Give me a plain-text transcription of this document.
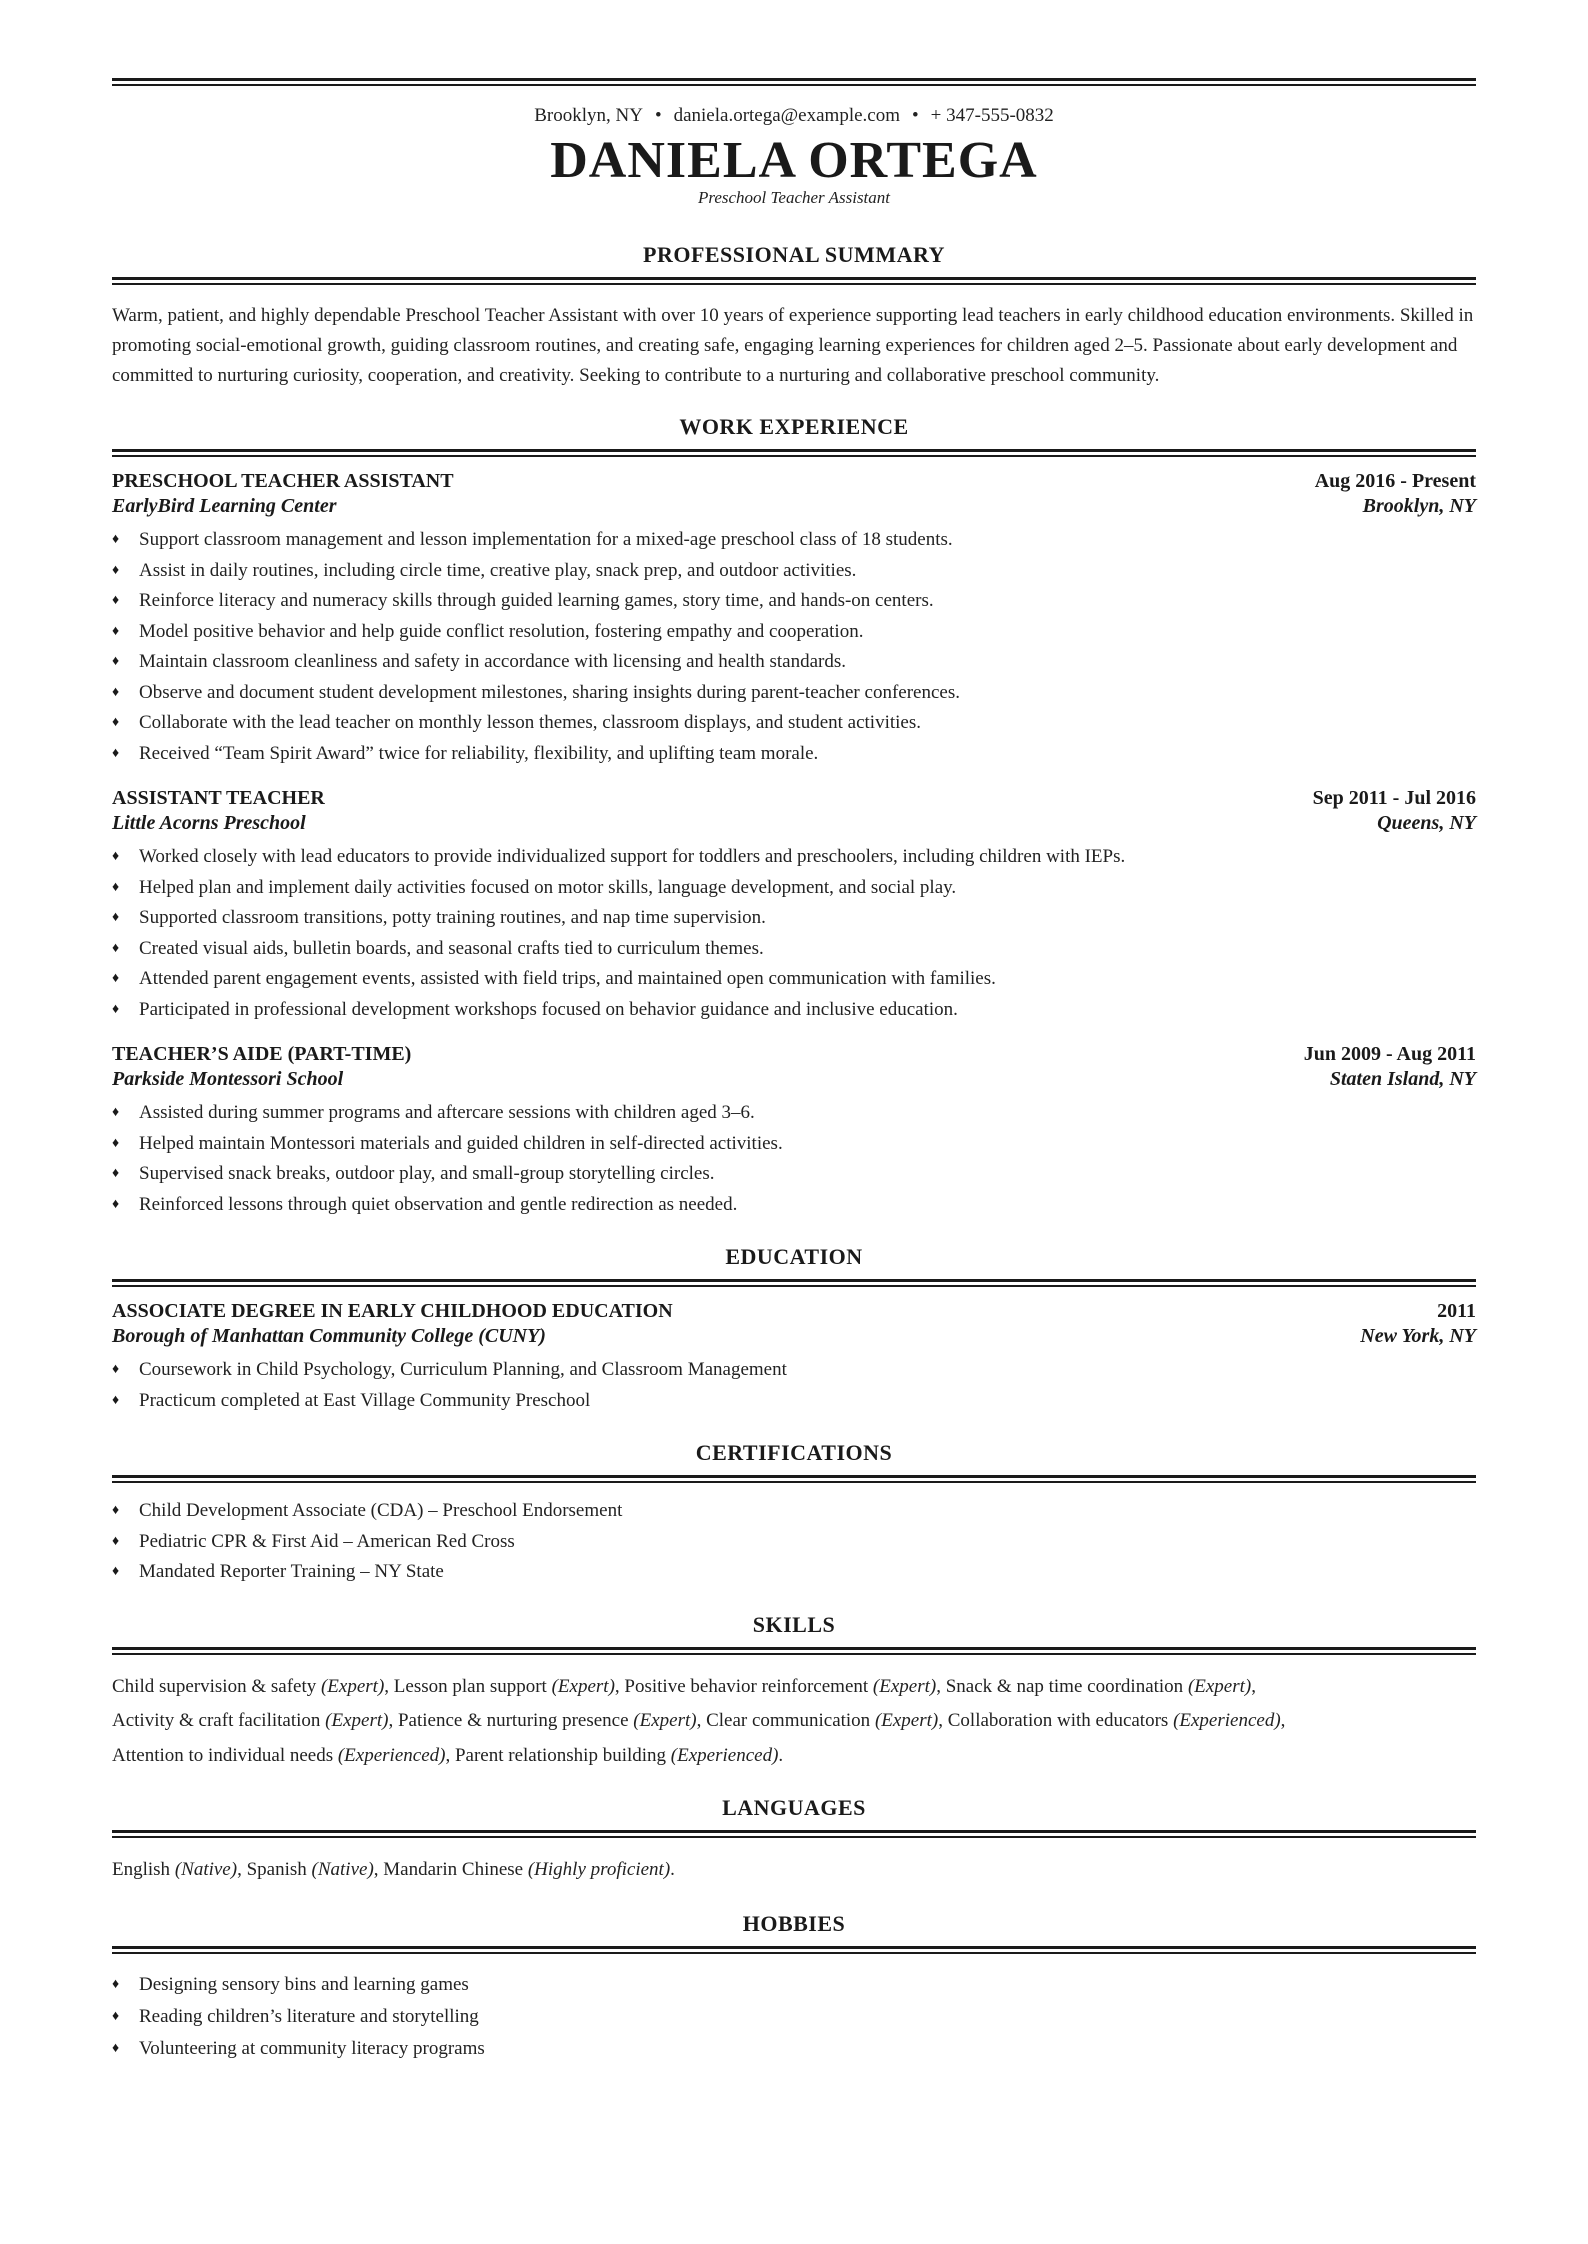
Brooklyn, NY • daniela.ortega@example.com • + 347-555-0832
DANIELA ORTEGA
Preschool Teacher Assistant
PROFESSIONAL SUMMARY
Warm, patient, and highly dependable Preschool Teacher Assistant with over 10 years of experience supporting lead teachers in early childhood education environments. Skilled in promoting social-emotional growth, guiding classroom routines, and creating safe, engaging learning experiences for children aged 2–5. Passionate about early development and committed to nurturing curiosity, cooperation, and creativity. Seeking to contribute to a nurturing and collaborative preschool community.
WORK EXPERIENCE
PRESCHOOL TEACHER ASSISTANT	Aug 2016 - Present
EarlyBird Learning Center	Brooklyn, NY
♦ Support classroom management and lesson implementation for a mixed-age preschool class of 18 students.
♦ Assist in daily routines, including circle time, creative play, snack prep, and outdoor activities.
♦ Reinforce literacy and numeracy skills through guided learning games, story time, and hands-on centers.
♦ Model positive behavior and help guide conflict resolution, fostering empathy and cooperation.
♦ Maintain classroom cleanliness and safety in accordance with licensing and health standards.
♦ Observe and document student development milestones, sharing insights during parent-teacher conferences.
♦ Collaborate with the lead teacher on monthly lesson themes, classroom displays, and student activities.
♦ Received “Team Spirit Award” twice for reliability, flexibility, and uplifting team morale.
ASSISTANT TEACHER	Sep 2011 - Jul 2016
Little Acorns Preschool	Queens, NY
♦ Worked closely with lead educators to provide individualized support for toddlers and preschoolers, including children with IEPs.
♦ Helped plan and implement daily activities focused on motor skills, language development, and social play.
♦ Supported classroom transitions, potty training routines, and nap time supervision.
♦ Created visual aids, bulletin boards, and seasonal crafts tied to curriculum themes.
♦ Attended parent engagement events, assisted with field trips, and maintained open communication with families.
♦ Participated in professional development workshops focused on behavior guidance and inclusive education.
TEACHER’S AIDE (PART-TIME)	Jun 2009 - Aug 2011
Parkside Montessori School	Staten Island, NY
♦ Assisted during summer programs and aftercare sessions with children aged 3–6.
♦ Helped maintain Montessori materials and guided children in self-directed activities.
♦ Supervised snack breaks, outdoor play, and small-group storytelling circles.
♦ Reinforced lessons through quiet observation and gentle redirection as needed.
EDUCATION
ASSOCIATE DEGREE IN EARLY CHILDHOOD EDUCATION	2011
Borough of Manhattan Community College (CUNY)	New York, NY
♦ Coursework in Child Psychology, Curriculum Planning, and Classroom Management
♦ Practicum completed at East Village Community Preschool
CERTIFICATIONS
♦ Child Development Associate (CDA) – Preschool Endorsement
♦ Pediatric CPR & First Aid – American Red Cross
♦ Mandated Reporter Training – NY State
SKILLS
Child supervision & safety (Expert), Lesson plan support (Expert), Positive behavior reinforcement (Expert), Snack & nap time coordination (Expert),
Activity & craft facilitation (Expert), Patience & nurturing presence (Expert), Clear communication (Expert), Collaboration with educators (Experienced),
Attention to individual needs (Experienced), Parent relationship building (Experienced).
LANGUAGES
English (Native), Spanish (Native), Mandarin Chinese (Highly proficient).
HOBBIES
♦ Designing sensory bins and learning games
♦ Reading children’s literature and storytelling
♦ Volunteering at community literacy programs
